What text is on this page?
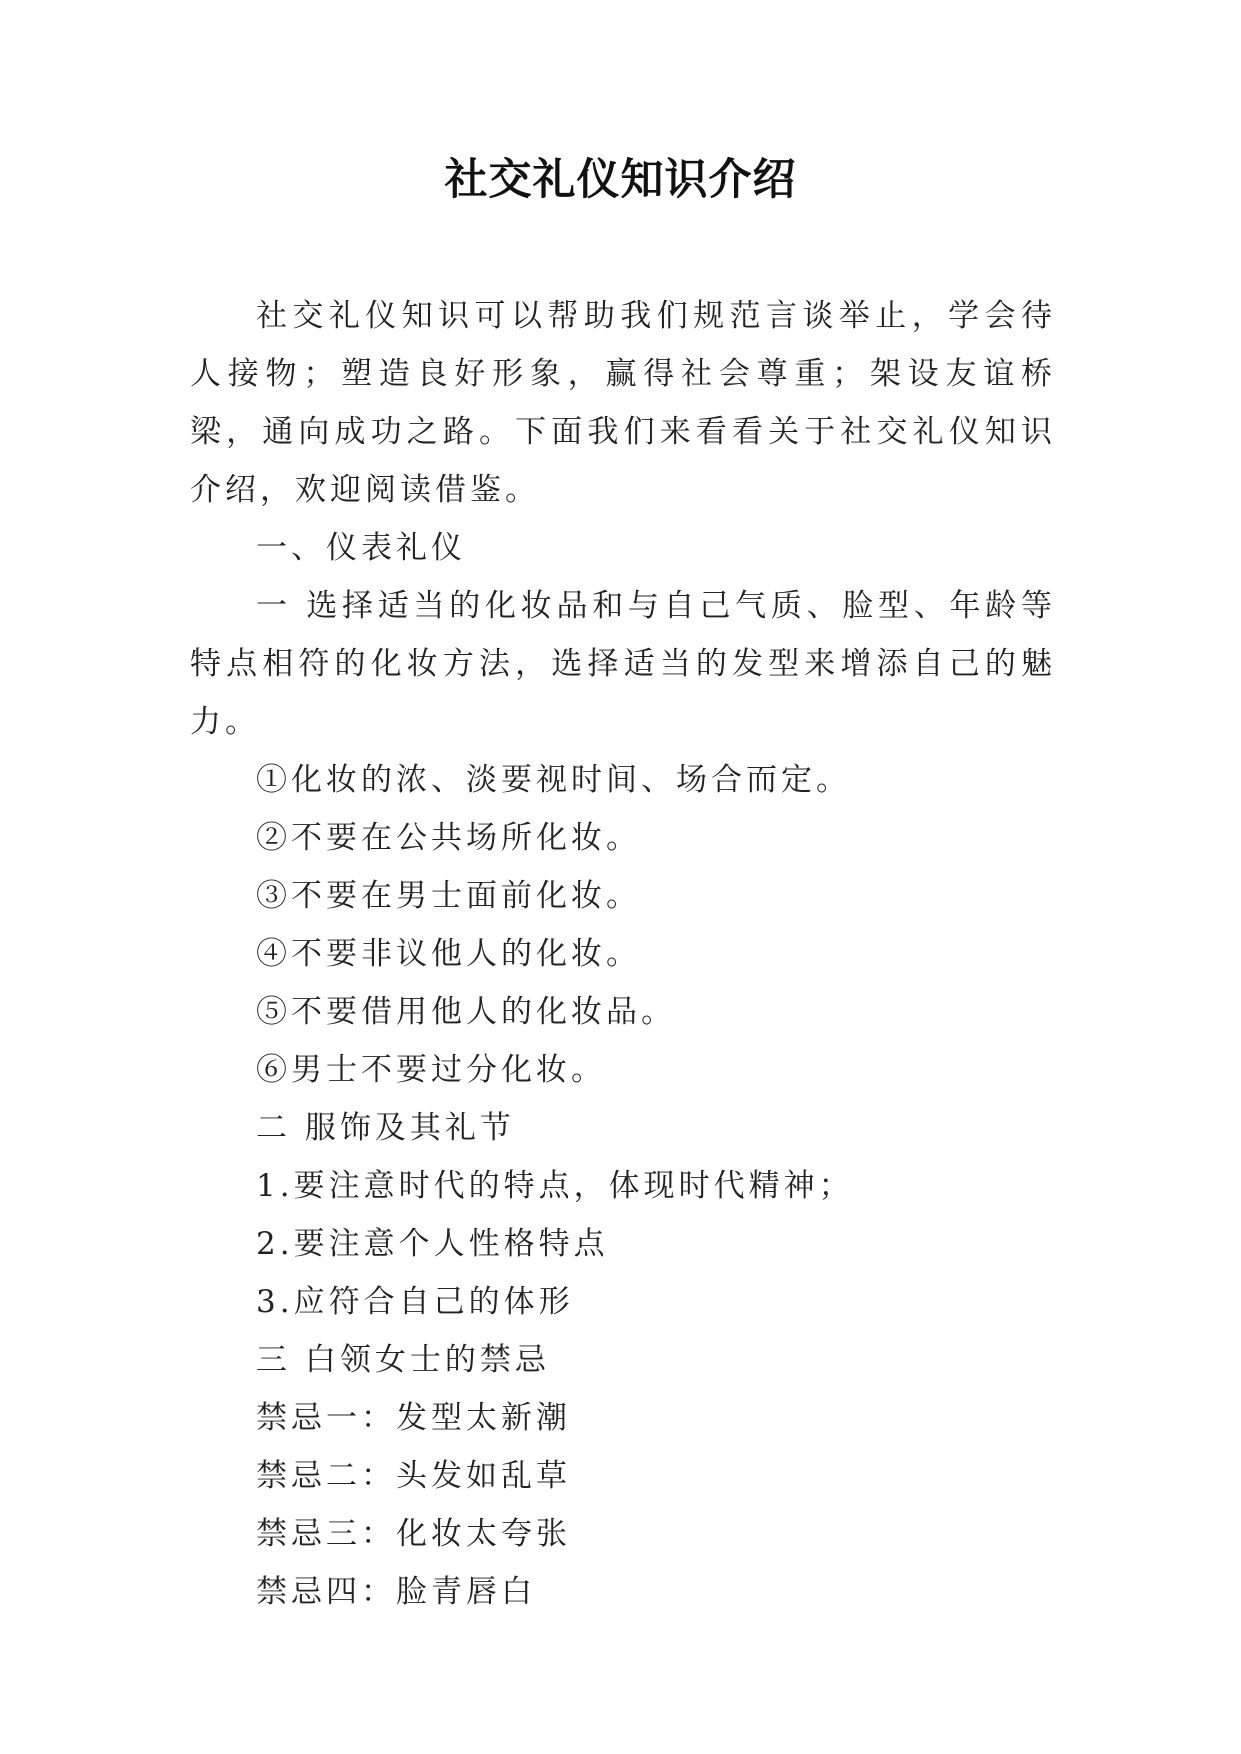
社交礼仪知识介绍

社交礼仪知识可以帮助我们规范言谈举止，学会待人接物；塑造良好形象，赢得社会尊重；架设友谊桥梁，通向成功之路。下面我们来看看关于社交礼仪知识介绍，欢迎阅读借鉴。

一、仪表礼仪

一 选择适当的化妆品和与自己气质、脸型、年龄等特点相符的化妆方法，选择适当的发型来增添自己的魅力。

①化妆的浓、淡要视时间、场合而定。

②不要在公共场所化妆。

③不要在男士面前化妆。

④不要非议他人的化妆。

⑤不要借用他人的化妆品。

⑥男士不要过分化妆。

二 服饰及其礼节

1.要注意时代的特点，体现时代精神；

2.要注意个人性格特点

3.应符合自己的体形

三 白领女士的禁忌

禁忌一：发型太新潮

禁忌二：头发如乱草

禁忌三：化妆太夸张

禁忌四：脸青唇白
